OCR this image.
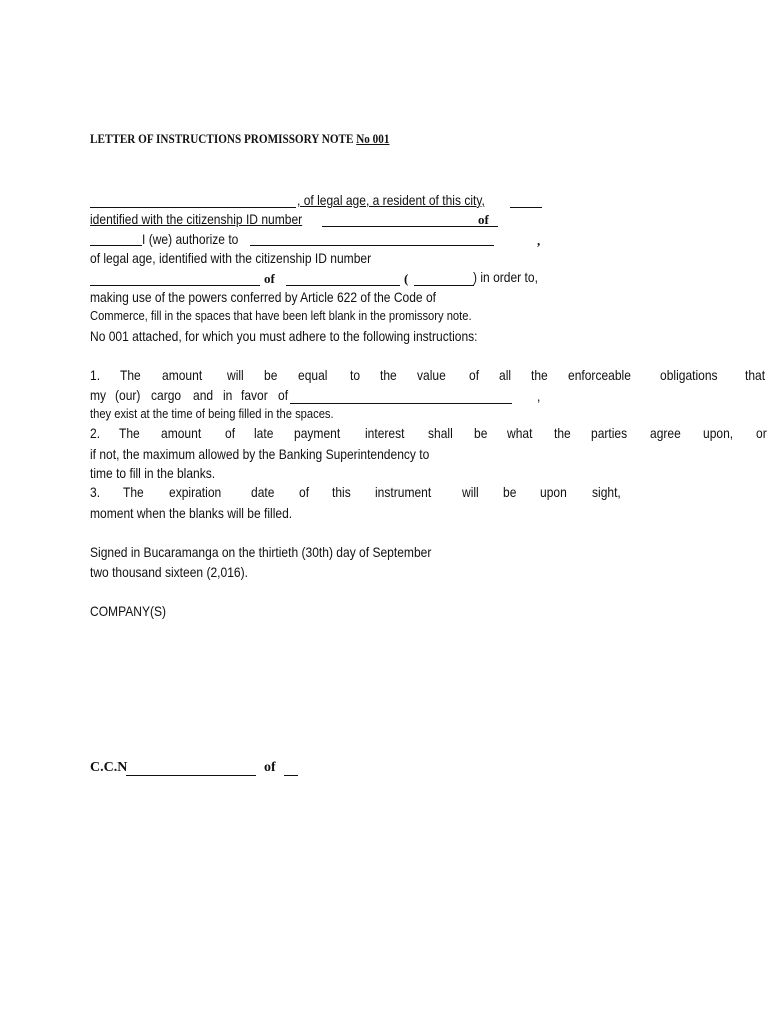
LETTER OF INSTRUCTIONS PROMISSORY NOTE No 001
, of legal age, a resident of this city,
identified with the citizenship ID number	of
I (we) authorize to	,
of legal age, identified with the citizenship ID number
of	(	) in order to,
making use of the powers conferred by Article 622 of the Code of
Commerce, fill in the spaces that have been left blank in the promissory note.
No 001 attached, for which you must adhere to the following instructions:
1. The amount will be equal to the value of all the enforceable obligations that
my (our) cargo and in favor of	,
they exist at the time of being filled in the spaces.
2. The amount of late payment interest shall be what the parties agree upon, or
if not, the maximum allowed by the Banking Superintendency to
time to fill in the blanks.
3. The expiration date of this instrument will be upon sight,
moment when the blanks will be filled.
Signed in Bucaramanga on the thirtieth (30th) day of September
two thousand sixteen (2,016).
COMPANY(S)
C.C.N	of
